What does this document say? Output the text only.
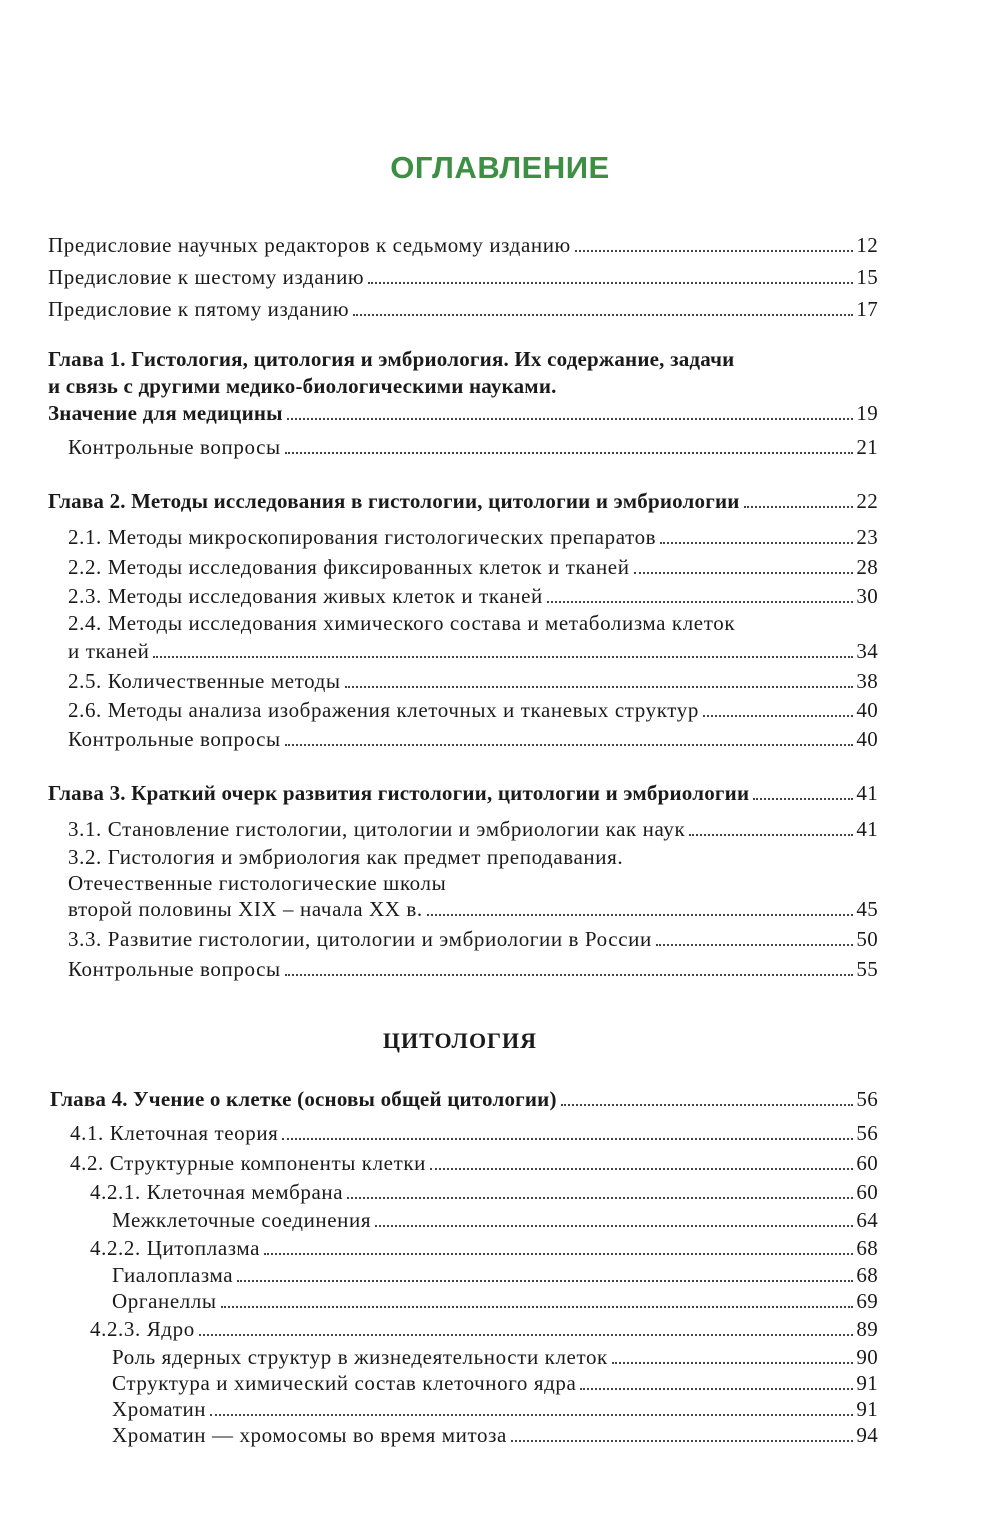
ОГЛАВЛЕНИЕ
Предисловие научных редакторов к седьмому изданию	12
Предисловие к шестому изданию	15
Предисловие к пятому изданию	17
Глава 1. Гистология, цитология и эмбриология. Их содержание, задачи
и связь с другими медико-биологическими науками.
Значение для медицины	19
Контрольные вопросы	21
Глава 2. Методы исследования в гистологии, цитологии и эмбриологии	22
2.1. Методы микроскопирования гистологических препаратов	23
2.2. Методы исследования фиксированных клеток и тканей	28
2.3. Методы исследования живых клеток и тканей	30
2.4. Методы исследования химического состава и метаболизма клеток
и тканей	34
2.5. Количественные методы	38
2.6. Методы анализа изображения клеточных и тканевых структур	40
Контрольные вопросы	40
Глава 3. Краткий очерк развития гистологии, цитологии и эмбриологии	41
3.1. Становление гистологии, цитологии и эмбриологии как наук	41
3.2. Гистология и эмбриология как предмет преподавания.
Отечественные гистологические школы
второй половины XIX – начала XX в.	45
3.3. Развитие гистологии, цитологии и эмбриологии в России	50
Контрольные вопросы	55
ЦИТОЛОГИЯ
Глава 4. Учение о клетке (основы общей цитологии)	56
4.1. Клеточная теория	56
4.2. Структурные компоненты клетки	60
4.2.1. Клеточная мембрана	60
Межклеточные соединения	64
4.2.2. Цитоплазма	68
Гиалоплазма	68
Органеллы	69
4.2.3. Ядро	89
Роль ядерных структур в жизнедеятельности клеток	90
Структура и химический состав клеточного ядра	91
Хроматин	91
Хроматин — хромосомы во время митоза	94
